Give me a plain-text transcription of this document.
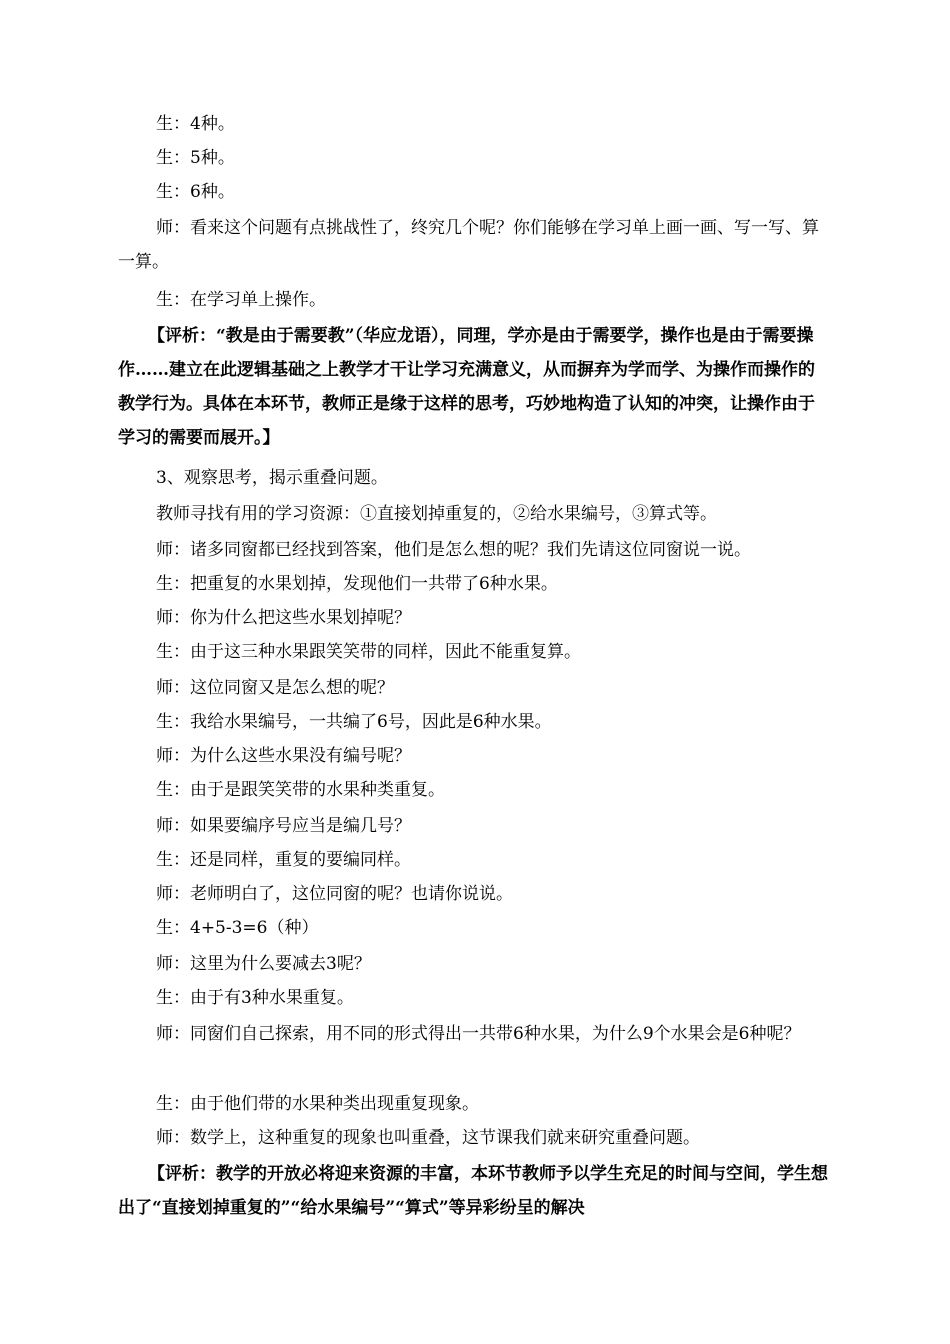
生：4种。

生：5种。

生：6种。

师：看来这个问题有点挑战性了，终究几个呢？你们能够在学习单上画一画、写一写、算一算。

生：在学习单上操作。

【评析：“教是由于需要教”（华应龙语），同理，学亦是由于需要学，操作也是由于需要操作……建立在此逻辑基础之上教学才干让学习充满意义，从而摒弃为学而学、为操作而操作的教学行为。具体在本环节，教师正是缘于这样的思考，巧妙地构造了认知的冲突，让操作由于学习的需要而展开。】

3、观察思考，揭示重叠问题。

教师寻找有用的学习资源：①直接划掉重复的，②给水果编号，③算式等。

师：诸多同窗都已经找到答案，他们是怎么想的呢？我们先请这位同窗说一说。

生：把重复的水果划掉，发现他们一共带了6种水果。

师：你为什么把这些水果划掉呢？

生：由于这三种水果跟笑笑带的同样，因此不能重复算。

师：这位同窗又是怎么想的呢？

生：我给水果编号，一共编了6号，因此是6种水果。

师：为什么这些水果没有编号呢？

生：由于是跟笑笑带的水果种类重复。

师：如果要编序号应当是编几号？

生：还是同样，重复的要编同样。

师：老师明白了，这位同窗的呢？也请你说说。

生：4+5-3=6（种）

师：这里为什么要减去3呢？

生：由于有3种水果重复。

师：同窗们自己探索，用不同的形式得出一共带6种水果，为什么9个水果会是6种呢？

生：由于他们带的水果种类出现重复现象。

师：数学上，这种重复的现象也叫重叠，这节课我们就来研究重叠问题。

【评析：教学的开放必将迎来资源的丰富，本环节教师予以学生充足的时间与空间，学生想出了“直接划掉重复的”“给水果编号”“算式”等异彩纷呈的解决
